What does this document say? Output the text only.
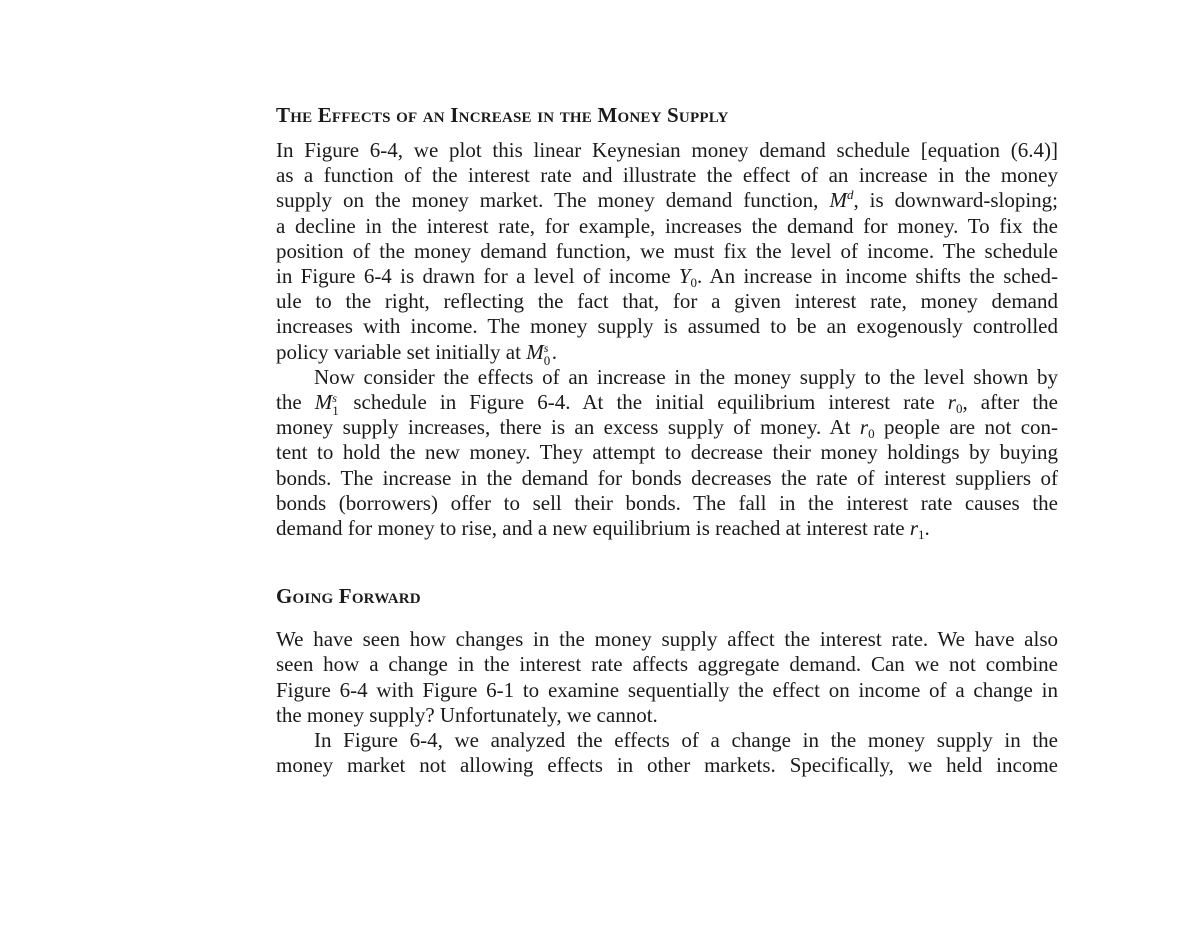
The Effects of an Increase in the Money Supply

In Figure 6-4, we plot this linear Keynesian money demand schedule [equation (6.4)]
as a function of the interest rate and illustrate the effect of an increase in the money
supply on the money market. The money demand function, $M^d$, is downward-sloping;
a decline in the interest rate, for example, increases the demand for money. To fix the
position of the money demand function, we must fix the level of income. The schedule
in Figure 6-4 is drawn for a level of income $Y_0$. An increase in income shifts the sched-
ule to the right, reflecting the fact that, for a given interest rate, money demand
increases with income. The money supply is assumed to be an exogenously controlled
policy variable set initially at M s
0 .

Now consider the effects of an increase in the money supply to the level shown by
the M s
1 schedule in Figure 6-4. At the initial equilibrium interest rate $r_0$, after the
money supply increases, there is an excess supply of money. At $r_0$ people are not con-
tent to hold the new money. They attempt to decrease their money holdings by buying
bonds. The increase in the demand for bonds decreases the rate of interest suppliers of
bonds (borrowers) offer to sell their bonds. The fall in the interest rate causes the
demand for money to rise, and a new equilibrium is reached at interest rate $r_1$.

Going Forward

We have seen how changes in the money supply affect the interest rate. We have also
seen how a change in the interest rate affects aggregate demand. Can we not combine
Figure 6-4 with Figure 6-1 to examine sequentially the effect on income of a change in
the money supply? Unfortunately, we cannot.

In Figure 6-4, we analyzed the effects of a change in the money supply in the
money market not allowing effects in other markets. Specifically, we held income
